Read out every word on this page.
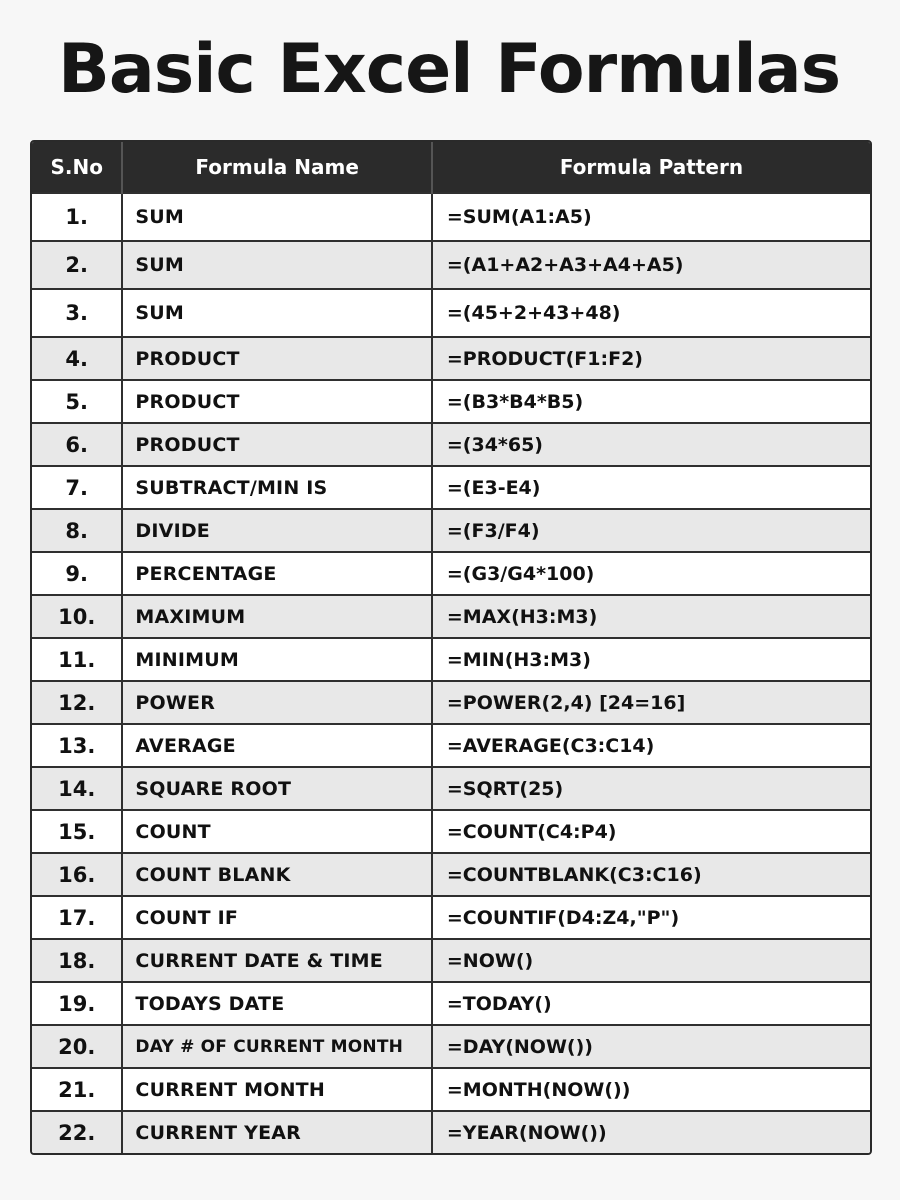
Basic Excel Formulas
S.No	Formula Name	Formula Pattern
1.	SUM	=SUM(A1:A5)
2.	SUM	=(A1+A2+A3+A4+A5)
3.	SUM	=(45+2+43+48)
4.	PRODUCT	=PRODUCT(F1:F2)
5.	PRODUCT	=(B3*B4*B5)
6.	PRODUCT	=(34*65)
7.	SUBTRACT/MIN IS	=(E3-E4)
8.	DIVIDE	=(F3/F4)
9.	PERCENTAGE	=(G3/G4*100)
10.	MAXIMUM	=MAX(H3:M3)
11.	MINIMUM	=MIN(H3:M3)
12.	POWER	=POWER(2,4) [24=16]
13.	AVERAGE	=AVERAGE(C3:C14)
14.	SQUARE ROOT	=SQRT(25)
15.	COUNT	=COUNT(C4:P4)
16.	COUNT BLANK	=COUNTBLANK(C3:C16)
17.	COUNT IF	=COUNTIF(D4:Z4,"P")
18.	CURRENT DATE & TIME	=NOW()
19.	TODAYS DATE	=TODAY()
20.	DAY # OF CURRENT MONTH	=DAY(NOW())
21.	CURRENT MONTH	=MONTH(NOW())
22.	CURRENT YEAR	=YEAR(NOW())
